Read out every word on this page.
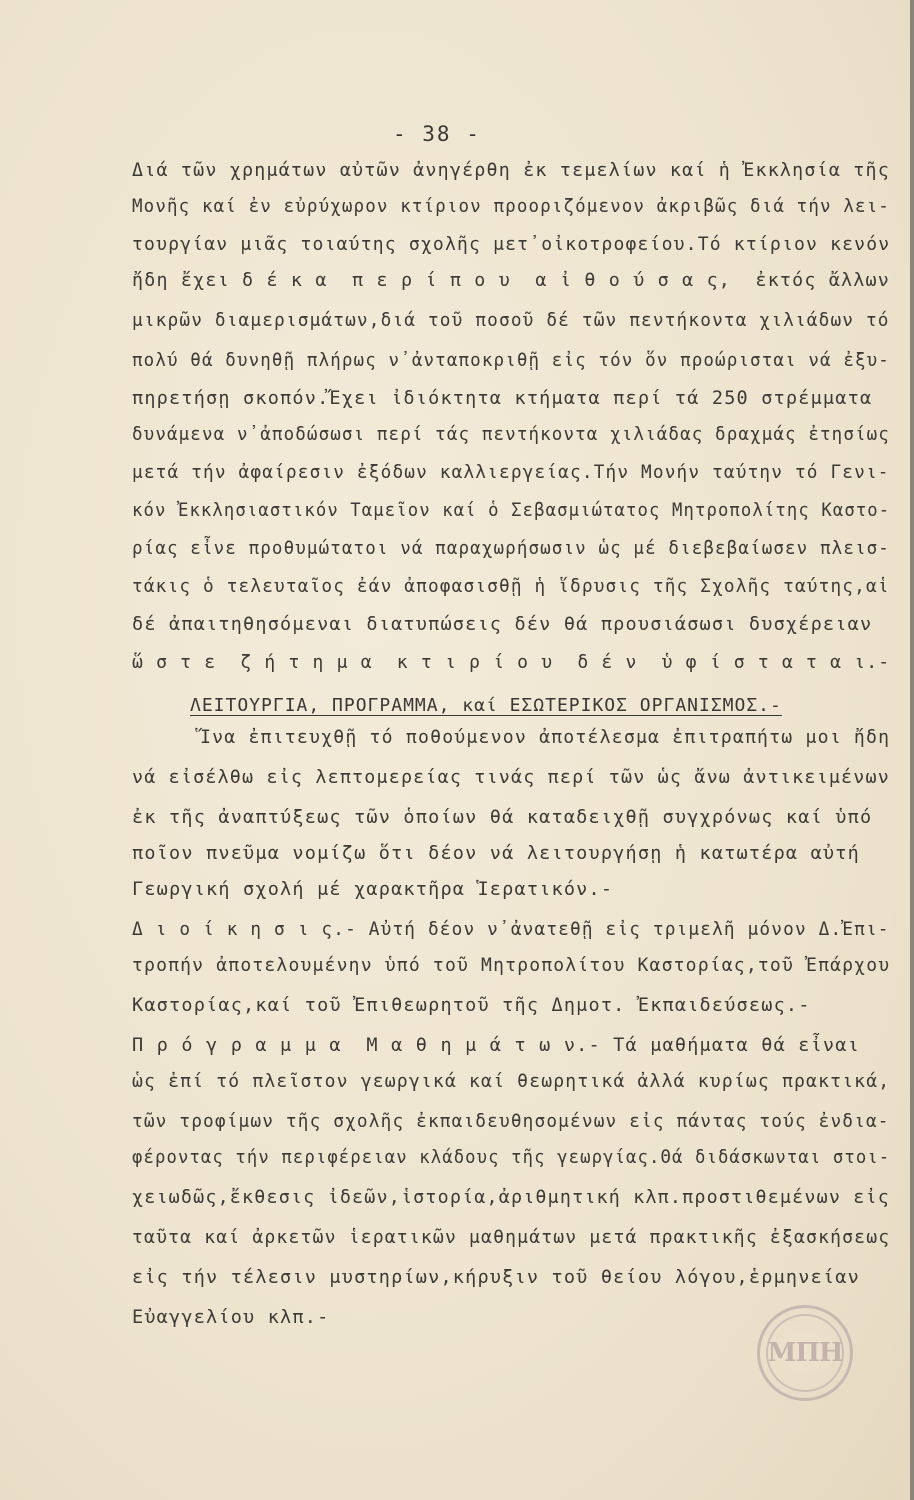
- 38 -
Διά τῶν χρημάτων αὐτῶν ἀνηγέρθη ἐκ τεμελίων καί ἡ Ἐκκλησία τῆς
Μονῆς καί ἐν εὐρύχωρον κτίριον προοριζόμενον ἀκριβῶς διά τήν λει-
τουργίαν μιᾶς τοιαύτης σχολῆς μετ᾽οἰκοτροφείου.Τό κτίριον κενόν
ἤδη ἔχει δ έ κ α  π ε ρ ί π ο υ  α ἰ θ ο ύ σ α ς,  ἐκτός ἄλλων
μικρῶν διαμερισμάτων,διά τοῦ ποσοῦ δέ τῶν πεντήκοντα χιλιάδων τό
πολύ θά δυνηθῇ πλήρως ν᾽ἀνταποκριθῇ εἰς τόν ὅν προώρισται νά ἐξυ-
πηρετήσῃ σκοπόν.Ἔχει ἰδιόκτητα κτήματα περί τά 250 στρέμματα
δυνάμενα ν᾽ἀποδώσωσι περί τάς πεντήκοντα χιλιάδας δραχμάς ἐτησίως
μετά τήν ἀφαίρεσιν ἐξόδων καλλιεργείας.Τήν Μονήν ταύτην τό Γενι-
κόν Ἐκκλησιαστικόν Ταμεῖον καί ὁ Σεβασμιώτατος Μητροπολίτης Καστο-
ρίας εἶνε προθυμώτατοι νά παραχωρήσωσιν ὡς μέ διεβεβαίωσεν πλεισ-
τάκις ὁ τελευταῖος ἐάν ἀποφασισθῇ ἡ ἵδρυσις τῆς Σχολῆς ταύτης,αἱ
δέ ἀπαιτηθησόμεναι διατυπώσεις δέν θά προυσιάσωσι δυσχέρειαν
ὥ σ τ ε  ζ ή τ η μ α  κ τ ι ρ ί ο υ  δ έ ν  ὑ φ ί σ τ α τ α ι.-
ΛΕΙΤΟΥΡΓΙΑ, ΠΡΟΓΡΑΜΜΑ, καί ΕΣΩΤΕΡΙΚΟΣ ΟΡΓΑΝΙΣΜΟΣ.-
Ἵνα ἐπιτευχθῇ τό ποθούμενον ἀποτέλεσμα ἐπιτραπήτω μοι ἤδη
νά εἰσέλθω εἰς λεπτομερείας τινάς περί τῶν ὡς ἄνω ἀντικειμένων
ἐκ τῆς ἀναπτύξεως τῶν ὁποίων θά καταδειχθῇ συγχρόνως καί ὑπό
ποῖον πνεῦμα νομίζω ὅτι δέον νά λειτουργήσῃ ἡ κατωτέρα αὐτή
Γεωργική σχολή μέ χαρακτῆρα Ἱερατικόν.-
Δ ι ο ί κ η σ ι ς.- Αὐτή δέον ν᾽ἀνατεθῇ εἰς τριμελῆ μόνον Δ.Ἐπι-
τροπήν ἀποτελουμένην ὑπό τοῦ Μητροπολίτου Καστορίας,τοῦ Ἐπάρχου
Καστορίας,καί τοῦ Ἐπιθεωρητοῦ τῆς Δημοτ. Ἐκπαιδεύσεως.-
Π ρ ό γ ρ α μ μ α  Μ α θ η μ ά τ ω ν.- Τά μαθήματα θά εἶναι
ὡς ἐπί τό πλεῖστον γεωργικά καί θεωρητικά ἀλλά κυρίως πρακτικά,
τῶν τροφίμων τῆς σχολῆς ἐκπαιδευθησομένων εἰς πάντας τούς ἐνδια-
φέροντας τήν περιφέρειαν κλάδους τῆς γεωργίας.Θά διδάσκωνται στοι-
χειωδῶς,ἔκθεσις ἰδεῶν,ἱστορία,ἀριθμητική κλπ.προστιθεμένων εἰς
ταῦτα καί ἀρκετῶν ἱερατικῶν μαθημάτων μετά πρακτικῆς ἐξασκήσεως
εἰς τήν τέλεσιν μυστηρίων,κήρυξιν τοῦ θείου λόγου,ἑρμηνείαν
Εὐαγγελίου κλπ.-
ΜΠΗ
